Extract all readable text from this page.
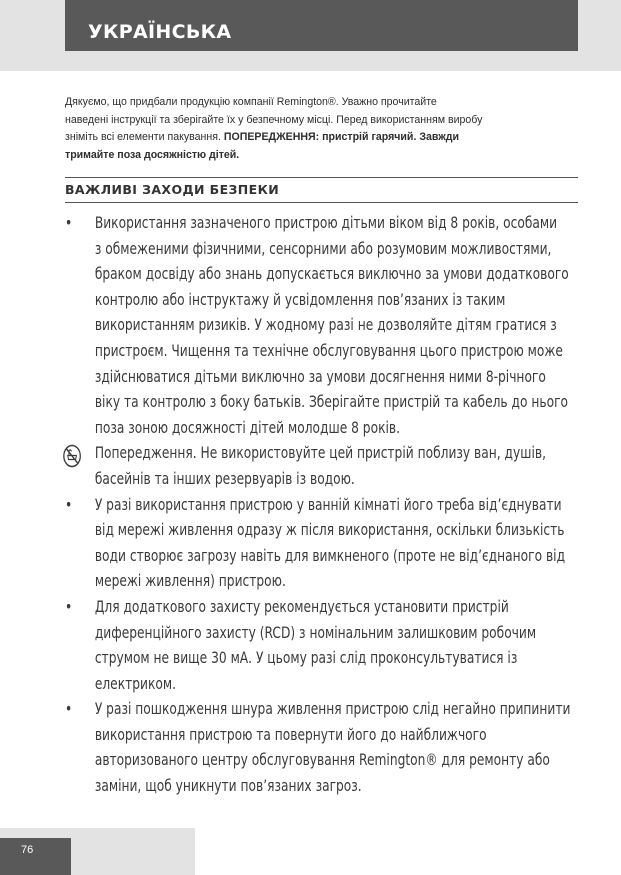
УКРАЇНСЬКА
Дякуємо, що придбали продукцію компанії Remington®. Уважно прочитайте
наведені інструкції та зберігайте їх у безпечному місці. Перед використанням виробу
зніміть всі елементи пакування. ПОПЕРЕДЖЕННЯ: пристрій гарячий. Завжди
тримайте поза досяжністю дітей.
ВАЖЛИВІ ЗАХОДИ БЕЗПЕКИ
•	Використання зазначеного пристрою дітьми віком від 8 років, особами
з обмеженими фізичними, сенсорними або розумовим можливостями,
браком досвіду або знань допускається виключно за умови додаткового
контролю або інструктажу й усвідомлення пов’язаних із таким
використанням ризиків. У жодному разі не дозволяйте дітям гратися з
пристроєм. Чищення та технічне обслуговування цього пристрою може
здійснюватися дітьми виключно за умови досягнення ними 8-річного
віку та контролю з боку батьків. Зберігайте пристрій та кабель до нього
поза зоною досяжності дітей молодше 8 років.
Попередження. Не використовуйте цей пристрій поблизу ван, душів,
басейнів та інших резервуарів із водою.
•	У разі використання пристрою у ванній кімнаті його треба від’єднувати
від мережі живлення одразу ж після використання, оскільки близькість
води створює загрозу навіть для вимкненого (проте не від’єднаного від
мережі живлення) пристрою.
•	Для додаткового захисту рекомендується установити пристрій
диференційного захисту (RCD) з номінальним залишковим робочим
струмом не вище 30 мА. У цьому разі слід проконсультуватися із
електриком.
•	У разі пошкодження шнура живлення пристрою слід негайно припинити
використання пристрою та повернути його до найближчого
авторизованого центру обслуговування Remington® для ремонту або
заміни, щоб уникнути пов’язаних загроз.
76
